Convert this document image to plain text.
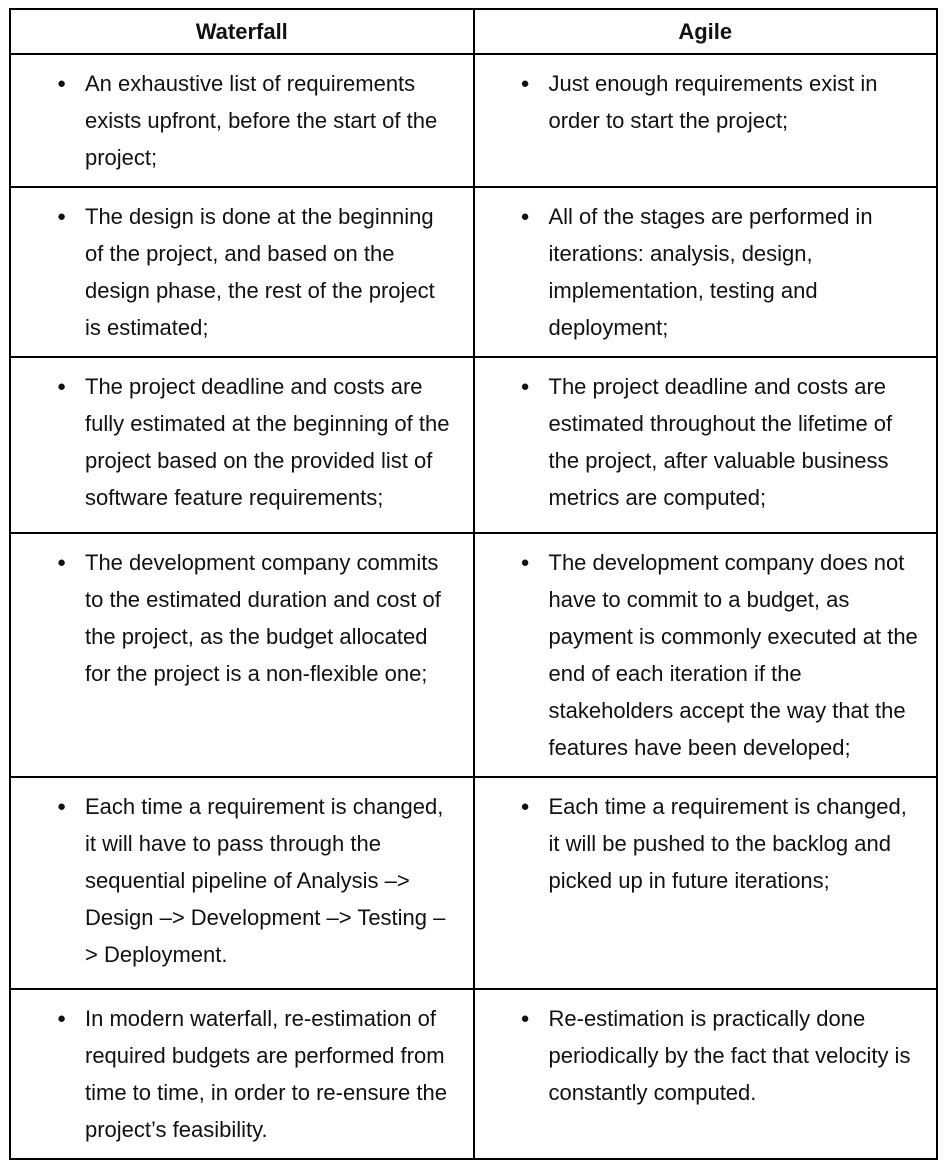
Waterfall	Agile

● An exhaustive list of requirements exists upfront, before the start of the project;	● Just enough requirements exist in order to start the project;

● The design is done at the beginning of the project, and based on the design phase, the rest of the project is estimated;	● All of the stages are performed in iterations: analysis, design, implementation, testing and deployment;

● The project deadline and costs are fully estimated at the beginning of the project based on the provided list of software feature requirements;	● The project deadline and costs are estimated throughout the lifetime of the project, after valuable business metrics are computed;

● The development company commits to the estimated duration and cost of the project, as the budget allocated for the project is a non-flexible one;	● The development company does not have to commit to a budget, as payment is commonly executed at the end of each iteration if the stakeholders accept the way that the features have been developed;

● Each time a requirement is changed, it will have to pass through the sequential pipeline of Analysis –> Design –> Development –> Testing –> Deployment.	● Each time a requirement is changed, it will be pushed to the backlog and picked up in future iterations;

● In modern waterfall, re-estimation of required budgets are performed from time to time, in order to re-ensure the project’s feasibility.	● Re-estimation is practically done periodically by the fact that velocity is constantly computed.
